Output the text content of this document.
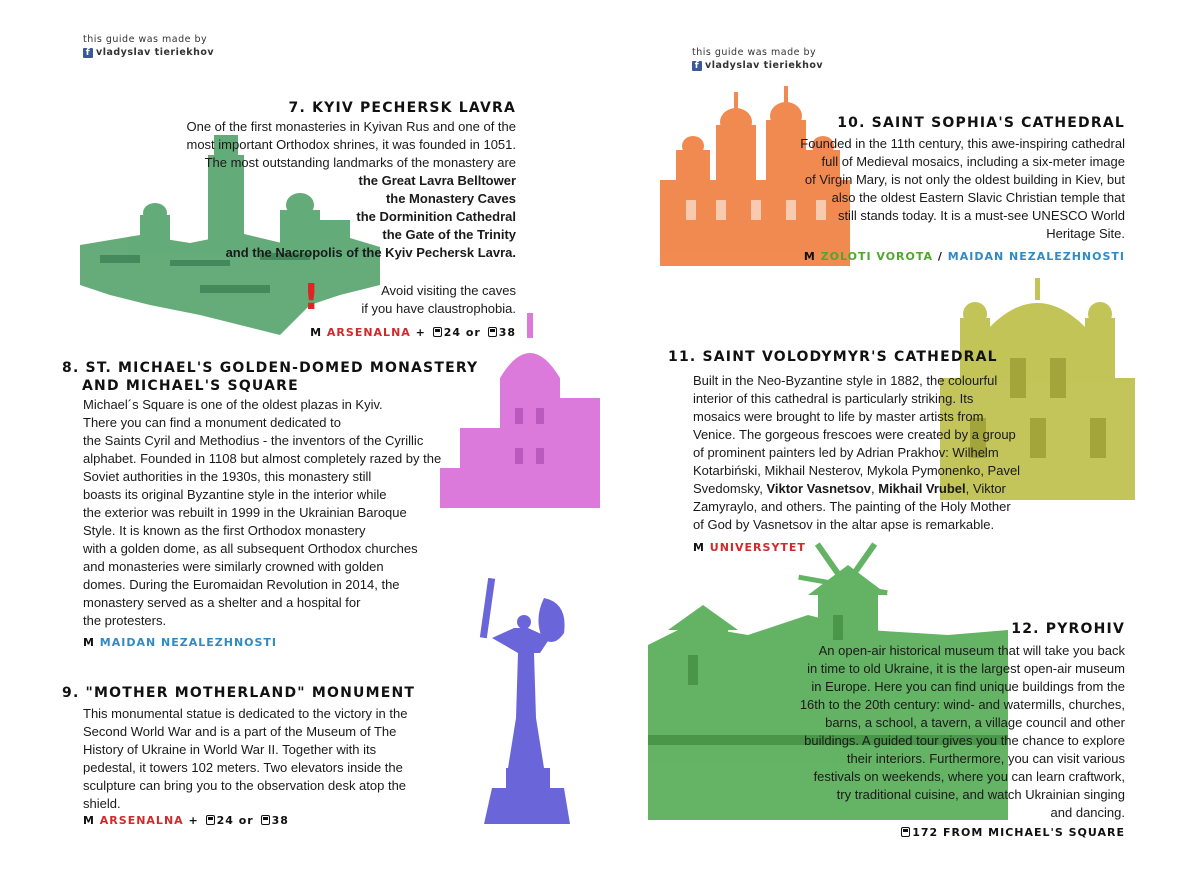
this guide was made by
f vladyslav tieriekhov
7. KYIV PECHERSK LAVRA
One of the first monasteries in Kyivan Rus and one of the
most important Orthodox shrines, it was founded in 1051.
The most outstanding landmarks of the monastery are
the Great Lavra Belltower
the Monastery Caves
the Dorminition Cathedral
the Gate of the Trinity
and the Nacropolis of the Kyiv Pechersk Lavra.
!	Avoid visiting the caves
if you have claustrophobia.
M ARSENALNA + 24 or 38
8. ST. MICHAEL'S GOLDEN-DOMED MONASTERY
AND MICHAEL'S SQUARE
Michael´s Square is one of the oldest plazas in Kyiv.
There you can find a monument dedicated to
the Saints Cyril and Methodius - the inventors of the Cyrillic
alphabet. Founded in 1108 but almost completely razed by the
Soviet authorities in the 1930s, this monastery still
boasts its original Byzantine style in the interior while
the exterior was rebuilt in 1999 in the Ukrainian Baroque
Style. It is known as the first Orthodox monastery
with a golden dome, as all subsequent Orthodox churches
and monasteries were similarly crowned with golden
domes. During the Euromaidan Revolution in 2014, the
monastery served as a shelter and a hospital for
the protesters.
M MAIDAN NEZALEZHNOSTI
9. "MOTHER MOTHERLAND" MONUMENT
This monumental statue is dedicated to the victory in the
Second World War and is a part of the Museum of The
History of Ukraine in World War II. Together with its
pedestal, it towers 102 meters. Two elevators inside the
sculpture can bring you to the observation desk atop the
shield.
M ARSENALNA + 24 or 38
this guide was made by
f vladyslav tieriekhov
10. SAINT SOPHIA'S CATHEDRAL
Founded in the 11th century, this awe-inspiring cathedral
full of Medieval mosaics, including a six-meter image
of Virgin Mary, is not only the oldest building in Kiev, but
also the oldest Eastern Slavic Christian temple that
still stands today. It is a must-see UNESCO World
Heritage Site.
M ZOLOTI VOROTA / MAIDAN NEZALEZHNOSTI
11. SAINT VOLODYMYR'S CATHEDRAL
Built in the Neo-Byzantine style in 1882, the colourful
interior of this cathedral is particularly striking. Its
mosaics were brought to life by master artists from
Venice. The gorgeous frescoes were created by a group
of prominent painters led by Adrian Prakhov: Wilhelm
Kotarbiński, Mikhail Nesterov, Mykola Pymonenko, Pavel
Svedomsky, Viktor Vasnetsov, Mikhail Vrubel, Viktor
Zamyraylo, and others. The painting of the Holy Mother
of God by Vasnetsov in the altar apse is remarkable.
M UNIVERSYTET
12. PYROHIV
An open-air historical museum that will take you back
in time to old Ukraine, it is the largest open-air museum
in Europe. Here you can find unique buildings from the
16th to the 20th century: wind- and watermills, churches,
barns, a school, a tavern, a village council and other
buildings. A guided tour gives you the chance to explore
their interiors. Furthermore, you can visit various
festivals on weekends, where you can learn craftwork,
try traditional cuisine, and watch Ukrainian singing
and dancing.
172 FROM MICHAEL'S SQUARE
